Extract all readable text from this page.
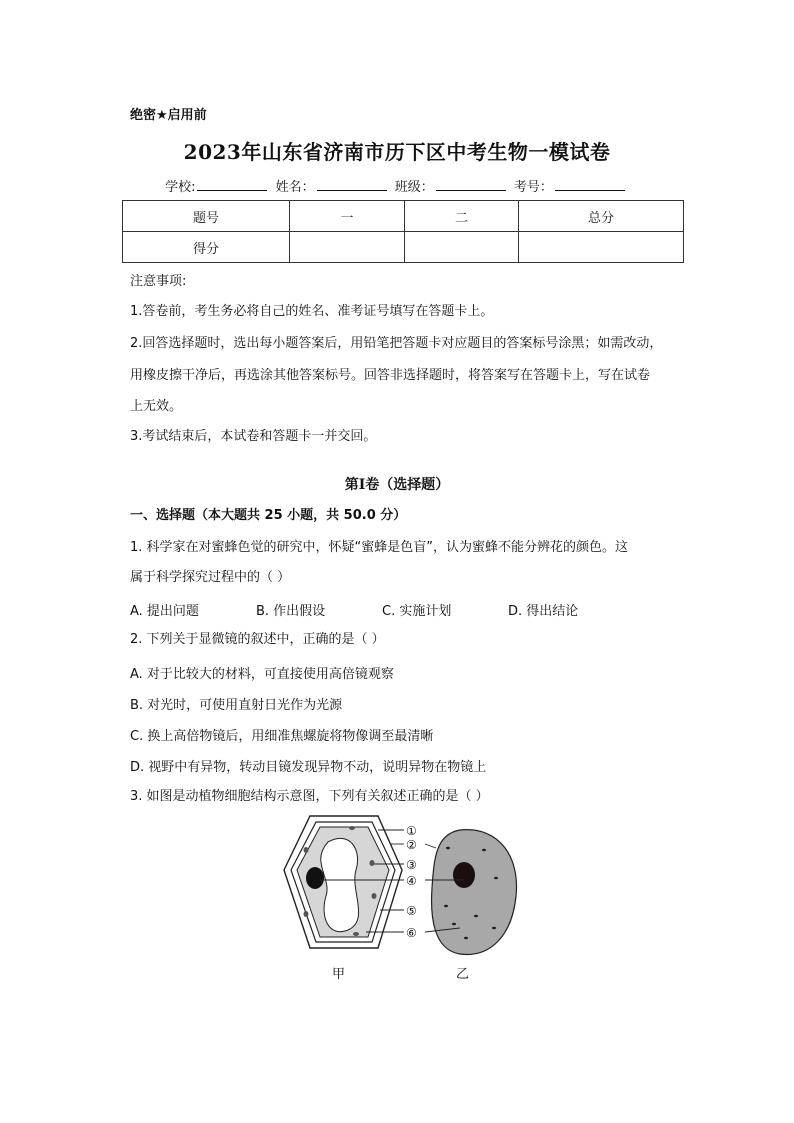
绝密★启用前
2023年山东省济南市历下区中考生物一模试卷
学校:	姓名：	班级：	考号：
题号	一	二	总分
得分			
注意事项:
1.答卷前，考生务必将自己的姓名、准考证号填写在答题卡上。
2.回答选择题时，选出每小题答案后，用铅笔把答题卡对应题目的答案标号涂黑；如需改动，
用橡皮擦干净后，再选涂其他答案标号。回答非选择题时，将答案写在答题卡上，写在试卷
上无效。
3.考试结束后，本试卷和答题卡一并交回。
第Ⅰ卷（选择题）
一、选择题（本大题共 25 小题，共 50.0 分）
1. 科学家在对蜜蜂色觉的研究中，怀疑“蜜蜂是色盲”，认为蜜蜂不能分辨花的颜色。这
属于科学探究过程中的（ ）
A. 提出问题	B. 作出假设	C. 实施计划	D. 得出结论
2. 下列关于显微镜的叙述中，正确的是（ ）
A. 对于比较大的材料，可直接使用高倍镜观察
B. 对光时，可使用直射日光作为光源
C. 换上高倍物镜后，用细准焦螺旋将物像调至最清晰
D. 视野中有异物，转动目镜发现异物不动，说明异物在物镜上
3. 如图是动植物细胞结构示意图，下列有关叙述正确的是（ ）
①
②
③
④
⑤
⑥
甲	乙
